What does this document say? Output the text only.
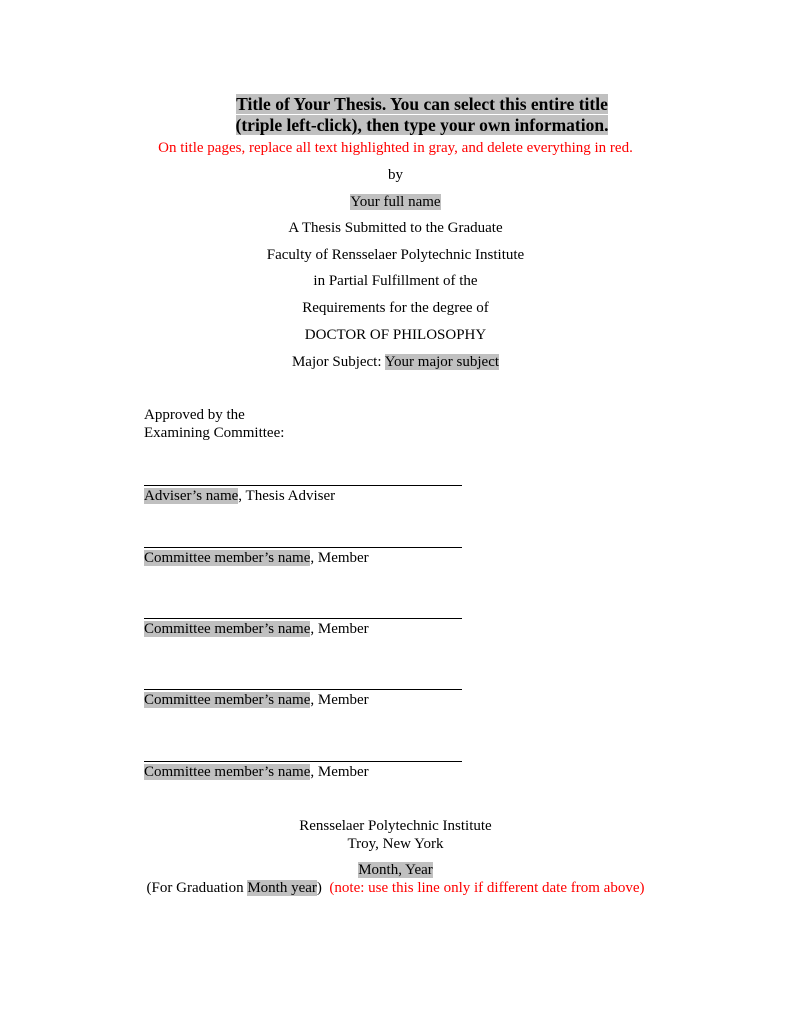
Title of Your Thesis. You can select this entire title
(triple left-click), then type your own information.
On title pages, replace all text highlighted in gray, and delete everything in red.
by
Your full name
A Thesis Submitted to the Graduate
Faculty of Rensselaer Polytechnic Institute
in Partial Fulfillment of the
Requirements for the degree of
DOCTOR OF PHILOSOPHY
Major Subject: Your major subject
Approved by the
Examining Committee:
Adviser’s name, Thesis Adviser
Committee member’s name, Member
Committee member’s name, Member
Committee member’s name, Member
Committee member’s name, Member
Rensselaer Polytechnic Institute
Troy, New York
Month, Year
(For Graduation Month year) (note: use this line only if different date from above)
